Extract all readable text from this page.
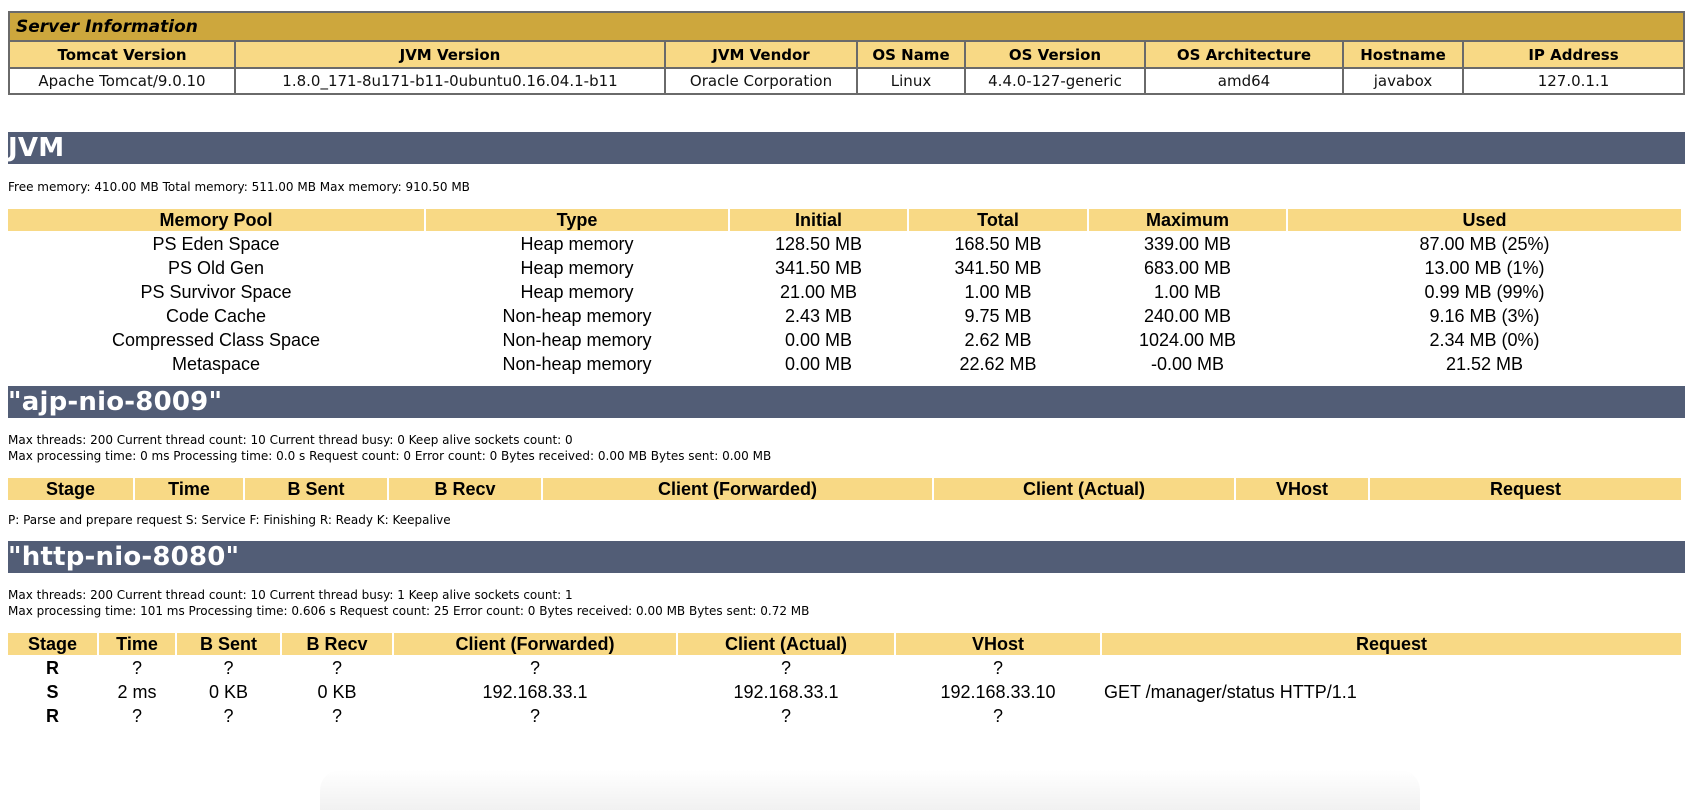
Server Information							
Tomcat Version	JVM Version	JVM Vendor	OS Name	OS Version	OS Architecture	Hostname	IP Address
Apache Tomcat/9.0.10	1.8.0_171-8u171-b11-0ubuntu0.16.04.1-b11	Oracle Corporation	Linux	4.4.0-127-generic	amd64	javabox	127.0.1.1
JVM
Free memory: 410.00 MB Total memory: 511.00 MB Max memory: 910.50 MB
Memory Pool	Type	Initial	Total	Maximum	Used
PS Eden Space	Heap memory	128.50 MB	168.50 MB	339.00 MB	87.00 MB (25%)
PS Old Gen	Heap memory	341.50 MB	341.50 MB	683.00 MB	13.00 MB (1%)
PS Survivor Space	Heap memory	21.00 MB	1.00 MB	1.00 MB	0.99 MB (99%)
Code Cache	Non-heap memory	2.43 MB	9.75 MB	240.00 MB	9.16 MB (3%)
Compressed Class Space	Non-heap memory	0.00 MB	2.62 MB	1024.00 MB	2.34 MB (0%)
Metaspace	Non-heap memory	0.00 MB	22.62 MB	-0.00 MB	21.52 MB
"ajp-nio-8009"
Max threads: 200 Current thread count: 10 Current thread busy: 0 Keep alive sockets count: 0
Max processing time: 0 ms Processing time: 0.0 s Request count: 0 Error count: 0 Bytes received: 0.00 MB Bytes sent: 0.00 MB
Stage	Time	B Sent	B Recv	Client (Forwarded)	Client (Actual)	VHost	Request
P: Parse and prepare request S: Service F: Finishing R: Ready K: Keepalive
"http-nio-8080"
Max threads: 200 Current thread count: 10 Current thread busy: 1 Keep alive sockets count: 1
Max processing time: 101 ms Processing time: 0.606 s Request count: 25 Error count: 0 Bytes received: 0.00 MB Bytes sent: 0.72 MB
Stage	Time	B Sent	B Recv	Client (Forwarded)	Client (Actual)	VHost	Request
R	?	?	?	?	?	?	
S	2 ms	0 KB	0 KB	192.168.33.1	192.168.33.1	192.168.33.10	GET /manager/status HTTP/1.1
R	?	?	?	?	?	?	
